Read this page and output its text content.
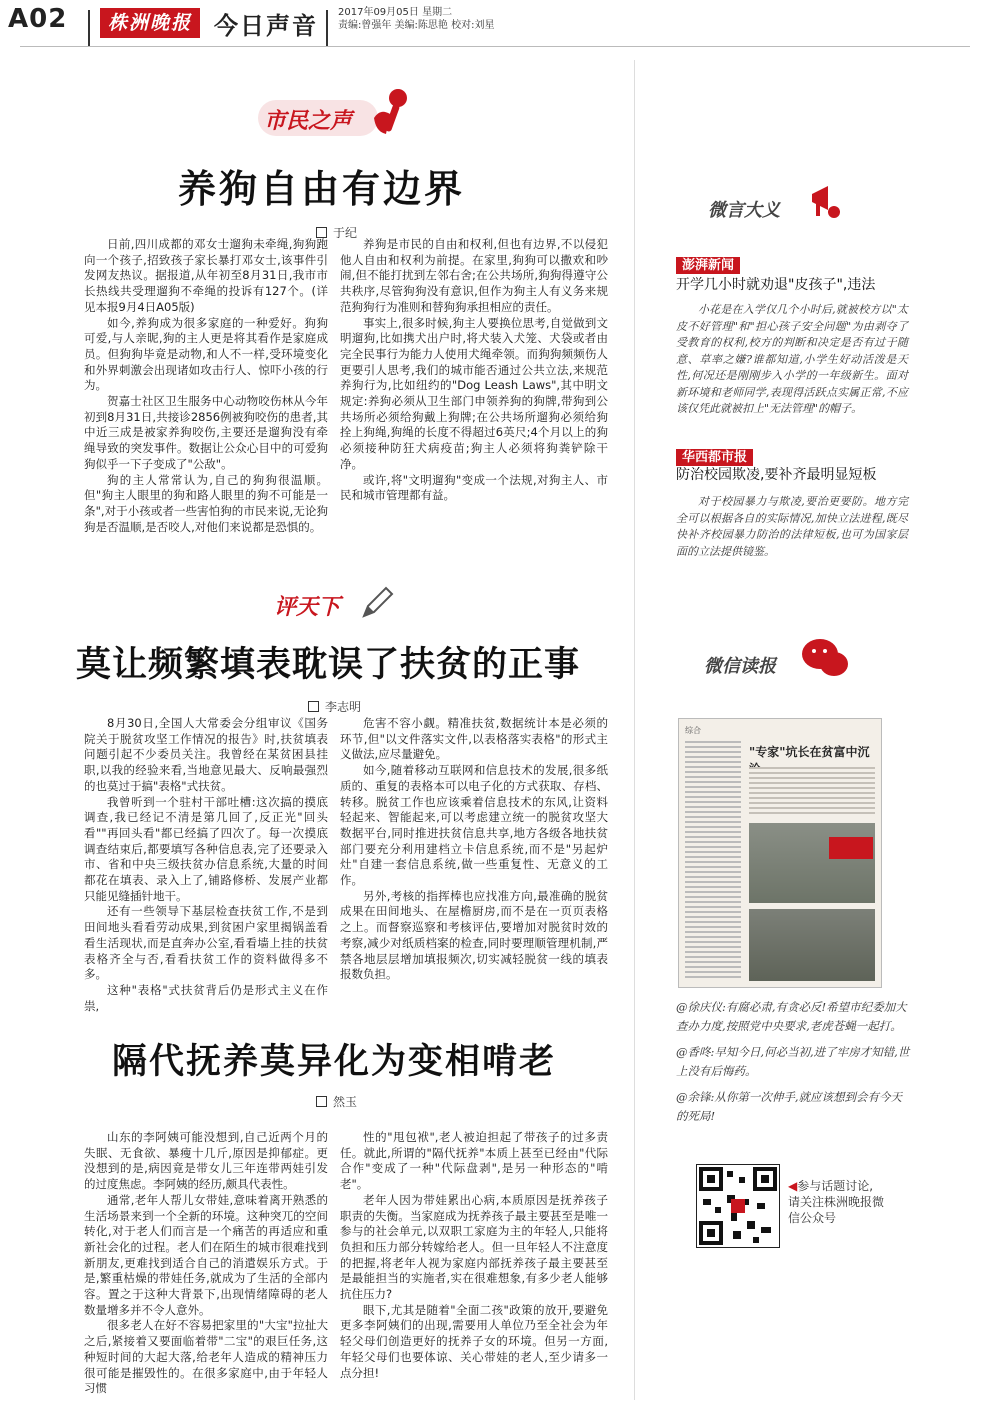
A02	株洲晚报 今日声音 2017年09月05日 星期二
责编:曾强年 美编:陈思艳 校对:刘星
市民之声
养狗自由有边界
于纪

日前,四川成都的邓女士遛狗未牵绳,狗狗跑向一个孩子,招致孩子家长暴打邓女士,该事件引发网友热议。据报道,从年初至8月31日,我市市长热线共受理遛狗不牵绳的投诉有127个。(详见本报9月4日A05版)

如今,养狗成为很多家庭的一种爱好。狗狗可爱,与人亲昵,狗的主人更是将其看作是家庭成员。但狗狗毕竟是动物,和人不一样,受环境变化和外界刺激会出现诸如攻击行人、惊吓小孩的行为。

贺嘉士社区卫生服务中心动物咬伤林从今年初到8月31日,共接诊2856例被狗咬伤的患者,其中近三成是被家养狗咬伤,主要还是遛狗没有牵绳导致的突发事件。数据让公众心目中的可爱狗狗似乎一下子变成了"公敌"。

狗的主人常常认为,自己的狗狗很温顺。但"狗主人眼里的狗和路人眼里的狗不可能是一条",对于小孩或者一些害怕狗的市民来说,无论狗狗是否温顺,是否咬人,对他们来说都是恐惧的。

养狗是市民的自由和权利,但也有边界,不以侵犯他人自由和权利为前提。在家里,狗狗可以撒欢和吵闹,但不能打扰到左邻右舍;在公共场所,狗狗得遵守公共秩序,尽管狗狗没有意识,但作为狗主人有义务来规范狗狗行为准则和替狗狗承担相应的责任。

事实上,很多时候,狗主人要换位思考,自觉做到文明遛狗,比如携犬出户时,将犬装入犬笼、犬袋或者由完全民事行为能力人使用犬绳牵领。而狗狗频频伤人更要引人思考,我们的城市能否通过公共立法,来规范养狗行为,比如纽约的"Dog Leash Laws",其中明文规定:养狗必须从卫生部门申领养狗的狗牌,带狗到公共场所必须给狗戴上狗牌;在公共场所遛狗必须给狗拴上狗绳,狗绳的长度不得超过6英尺;4个月以上的狗必须接种防狂犬病疫苗;狗主人必须将狗粪铲除干净。

或许,将"文明遛狗"变成一个法规,对狗主人、市民和城市管理都有益。

评天下
莫让频繁填表耽误了扶贫的正事
李志明

8月30日,全国人大常委会分组审议《国务院关于脱贫攻坚工作情况的报告》时,扶贫填表问题引起不少委员关注。我曾经在某贫困县挂职,以我的经验来看,当地意见最大、反响最强烈的也莫过于搞"表格"式扶贫。

我曾听到一个驻村干部吐槽:这次搞的摸底调查,我已经记不清是第几回了,反正光"回头看""再回头看"都已经搞了四次了。每一次摸底调查结束后,都要填写各种信息表,完了还要录入市、省和中央三级扶贫办信息系统,大量的时间都花在填表、录入上了,铺路修桥、发展产业都只能见缝插针地干。

还有一些领导下基层检查扶贫工作,不是到田间地头看看劳动成果,到贫困户家里揭锅盖看看生活现状,而是直奔办公室,看看墙上挂的扶贫表格齐全与否,看看扶贫工作的资料做得多不多。

这种"表格"式扶贫背后仍是形式主义在作祟,

危害不容小觑。精准扶贫,数据统计本是必须的环节,但"以文件落实文件,以表格落实表格"的形式主义做法,应尽量避免。

如今,随着移动互联网和信息技术的发展,很多纸质的、重复的表格本可以电子化的方式获取、存档、转移。脱贫工作也应该乘着信息技术的东风,让资料轻起来、智能起来,可以考虑建立统一的脱贫攻坚大数据平台,同时推进扶贫信息共享,地方各级各地扶贫部门要充分利用建档立卡信息系统,而不是"另起炉灶"自建一套信息系统,做一些重复性、无意义的工作。

另外,考核的指挥棒也应找准方向,最准确的脱贫成果在田间地头、在屋檐厨房,而不是在一页页表格之上。而督察巡察和考核评估,要增加对脱贫时效的考察,减少对纸质档案的检查,同时要理顺管理机制,严禁各地层层增加填报频次,切实减轻脱贫一线的填表报数负担。

隔代抚养莫异化为变相啃老
然玉

山东的李阿姨可能没想到,自己近两个月的失眠、无食欲、暴瘦十几斤,原因是抑郁症。更没想到的是,病因竟是带女儿三年连带两娃引发的过度焦虑。李阿姨的经历,颇具代表性。

通常,老年人帮儿女带娃,意味着离开熟悉的生活场景来到一个全新的环境。这种突兀的空间转化,对于老人们而言是一个痛苦的再适应和重新社会化的过程。老人们在陌生的城市很难找到新朋友,更难找到适合自己的消遣娱乐方式。于是,繁重枯燥的带娃任务,就成为了生活的全部内容。置之于这种大背景下,出现情绪障碍的老人数量增多并不令人意外。

很多老人在好不容易把家里的"大宝"拉扯大之后,紧接着又要面临着带"二宝"的艰巨任务,这种短时间的大起大落,给老年人造成的精神压力很可能是摧毁性的。在很多家庭中,由于年轻人习惯

性的"甩包袱",老人被迫担起了带孩子的过多责任。就此,所谓的"隔代抚养"本质上甚至已经由"代际合作"变成了一种"代际盘剥",是另一种形态的"啃老"。

老年人因为带娃累出心病,本质原因是抚养孩子职责的失衡。当家庭成为抚养孩子最主要甚至是唯一参与的社会单元,以双职工家庭为主的年轻人,只能将负担和压力部分转嫁给老人。但一旦年轻人不注意度的把握,将老年人视为家庭内部抚养孩子最主要甚至是最能担当的实施者,实在很难想象,有多少老人能够抗住压力?

眼下,尤其是随着"全面二孩"政策的放开,要避免更多李阿姨们的出现,需要用人单位乃至全社会为年轻父母们创造更好的抚养子女的环境。但另一方面,年轻父母们也要体谅、关心带娃的老人,至少请多一点分担!

微言大义
澎湃新闻
开学几小时就劝退"皮孩子",违法

小花是在入学仅几个小时后,就被校方以"太皮不好管理"和"担心孩子安全问题"为由剥夺了受教育的权利,校方的判断和决定是否有过于随意、草率之嫌?谁都知道,小学生好动活泼是天性,何况还是刚刚步入小学的一年级新生。面对新环境和老师同学,表现得活跃点实属正常,不应该仅凭此就被扣上"无法管理"的帽子。

华西都市报
防治校园欺凌,要补齐最明显短板

对于校园暴力与欺凌,要治更要防。地方完全可以根据各自的实际情况,加快立法进程,既尽快补齐校园暴力防治的法律短板,也可为国家层面的立法提供镜鉴。

微信读报
综合
"专家"坑长在贫富中沉

@徐庆仪:有腐必肃,有贪必反!希望市纪委加大查办力度,按照党中央要求,老虎苍蝇一起打。

@香咚:早知今日,何必当初,进了牢房才知错,世上没有后悔药。

@余锋:从你第一次伸手,就应该想到会有今天的死局!

◀参与话题讨论,请关注株洲晚报微信公众号
